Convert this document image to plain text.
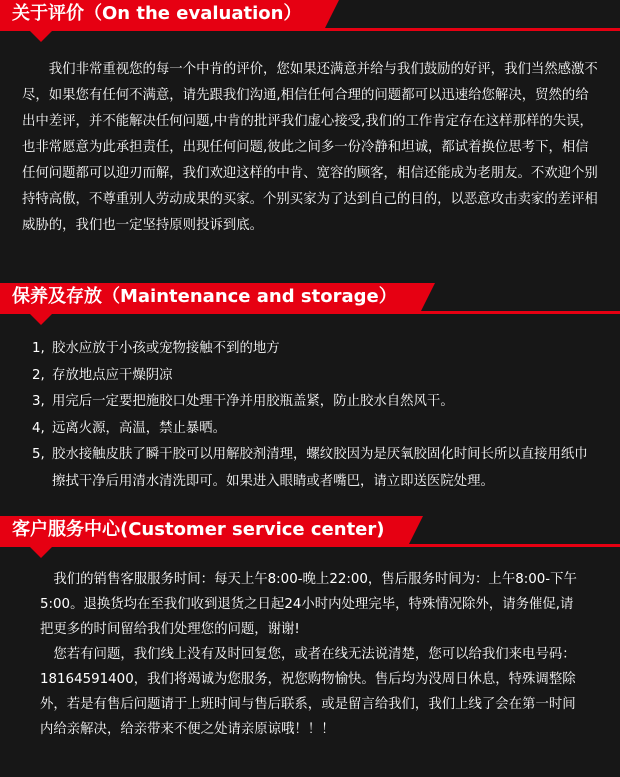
关于评价（On the evaluation）

我们非常重视您的每一个中肯的评价，您如果还满意并给与我们鼓励的好评，我们当然感激不尽，如果您有任何不满意，请先跟我们沟通,相信任何合理的问题都可以迅速给您解决，贸然的给出中差评，并不能解决任何问题,中肯的批评我们虚心接受,我们的工作肯定存在这样那样的失误，也非常愿意为此承担责任，出现任何问题,彼此之间多一份冷静和坦诚，都试着换位思考下，相信任何问题都可以迎刃而解，我们欢迎这样的中肯、宽容的顾客，相信还能成为老朋友。不欢迎个别持特高傲，不尊重别人劳动成果的买家。个别买家为了达到自己的目的，以恶意攻击卖家的差评相威胁的，我们也一定坚持原则投诉到底。

保养及存放（Maintenance and storage）
1, 胶水应放于小孩或宠物接触不到的地方
2, 存放地点应干燥阴凉
3, 用完后一定要把施胶口处理干净并用胶瓶盖紧，防止胶水自然风干。
4, 远离火源，高温，禁止暴晒。
5, 胶水接触皮肤了瞬干胶可以用解胶剂清理，螺纹胶因为是厌氧胶固化时间长所以直接用纸巾擦拭干净后用清水清洗即可。如果进入眼睛或者嘴巴，请立即送医院处理。
客户服务中心(Customer service center)

我们的销售客服服务时间：每天上午8:00-晚上22:00，售后服务时间为：上午8:00-下午5:00。退换货均在至我们收到退货之日起24小时内处理完毕，特殊情况除外，请务催促,请把更多的时间留给我们处理您的问题，谢谢!

您若有问题，我们线上没有及时回复您，或者在线无法说清楚，您可以给我们来电号码：18164591400，我们将竭诚为您服务，祝您购物愉快。售后均为没周日休息，特殊调整除外，若是有售后问题请于上班时间与售后联系，或是留言给我们，我们上线了会在第一时间内给亲解决，给亲带来不便之处请亲原谅哦！！！
